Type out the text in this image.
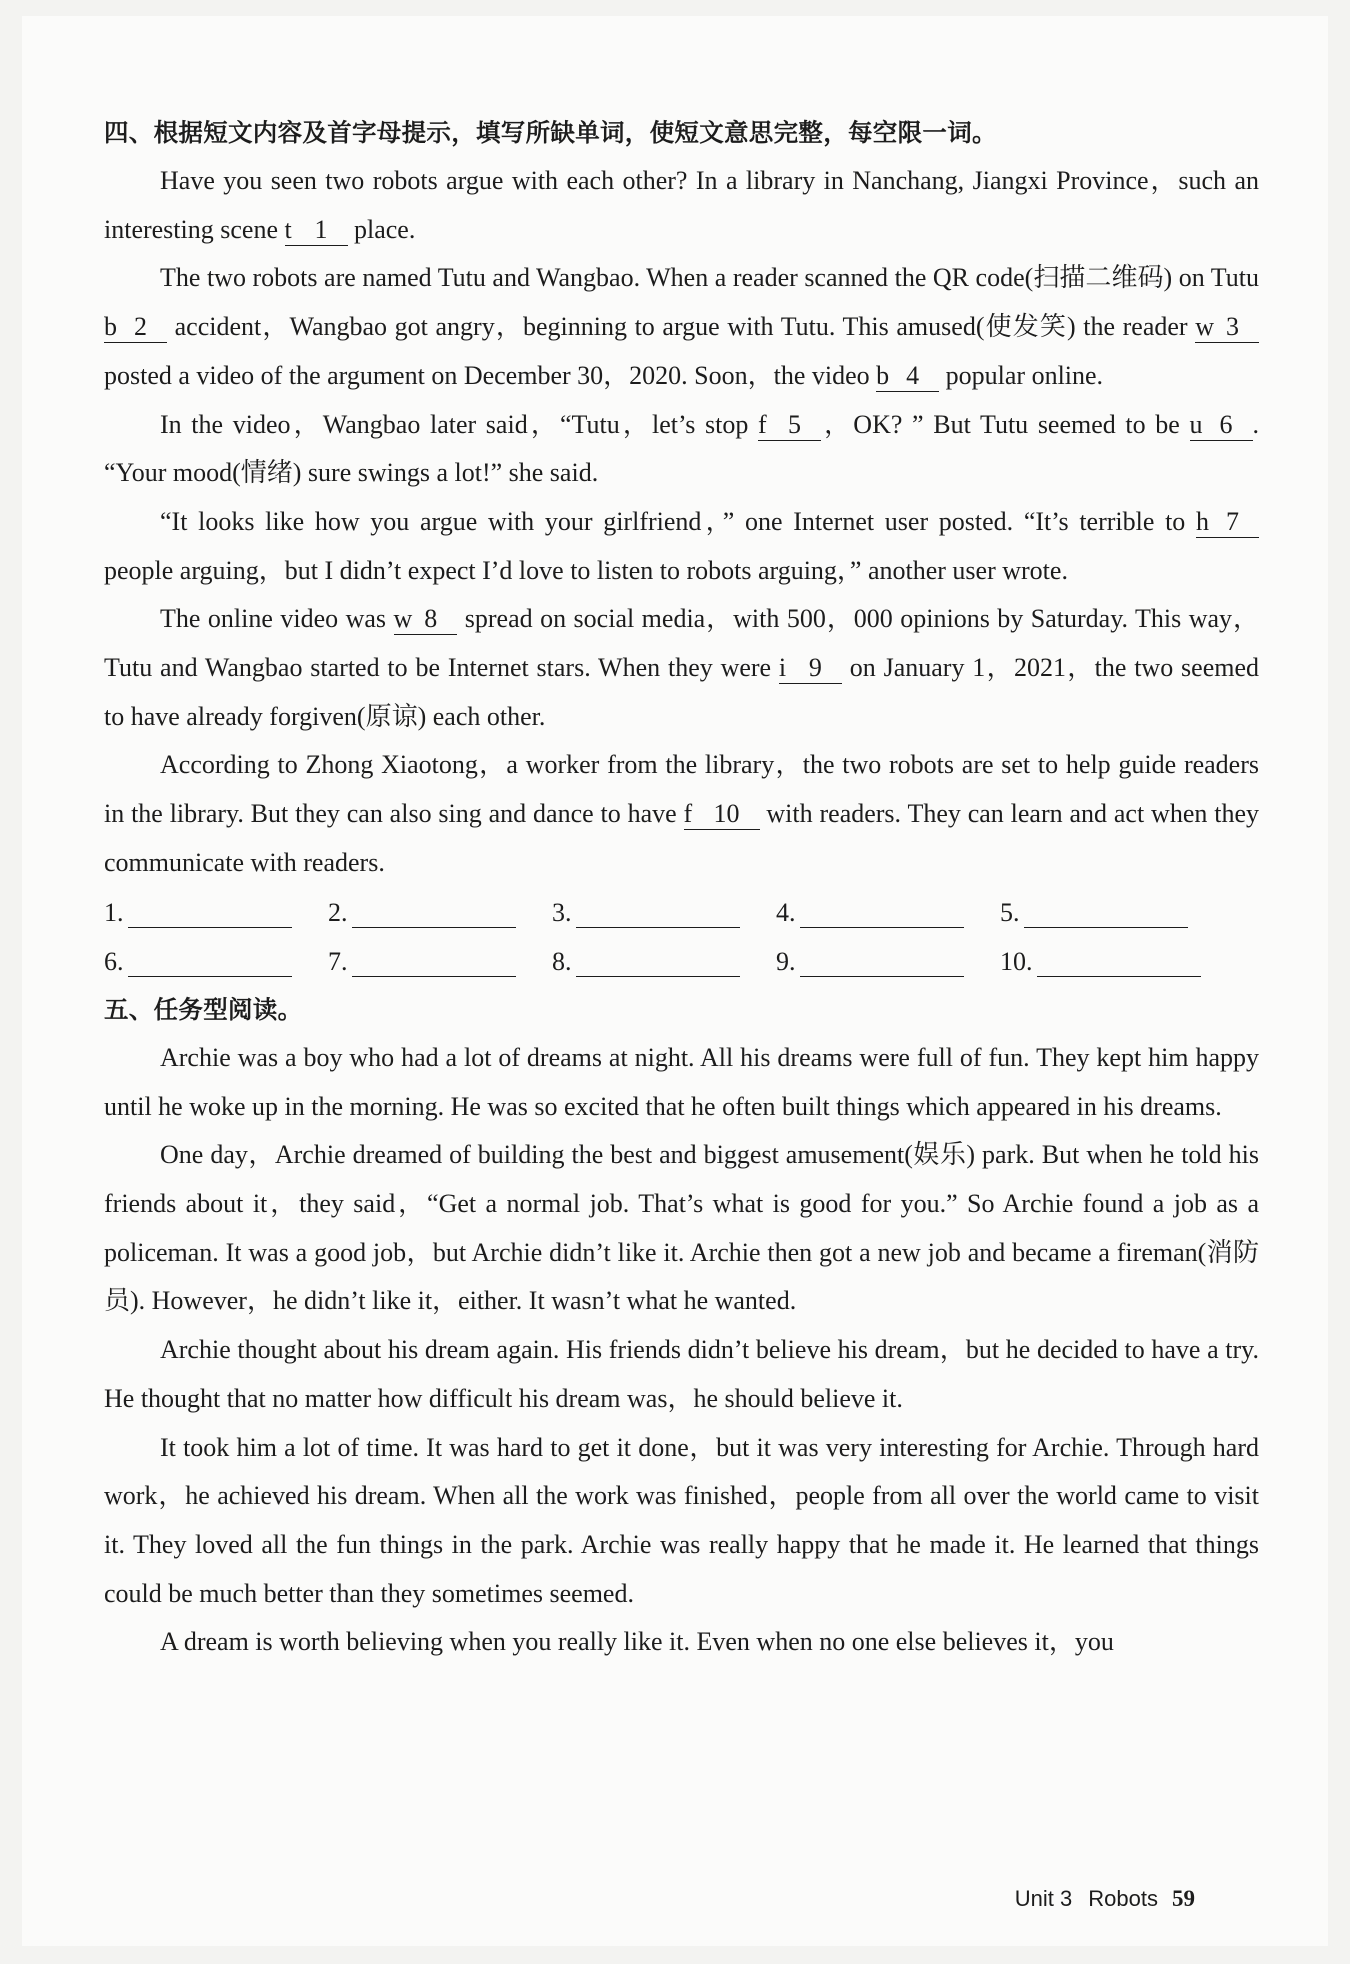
四、根据短文内容及首字母提示，填写所缺单词，使短文意思完整，每空限一词。
Have you seen two robots argue with each other? In a library in Nanchang, Jiangxi Province，such an interesting scene t 1 place.
The two robots are named Tutu and Wangbao. When a reader scanned the QR code(扫描二维码) on Tutu b 2 accident，Wangbao got angry，beginning to argue with Tutu. This amused(使发笑) the reader w 3 posted a video of the argument on December 30，2020. Soon，the video b 4 popular online.
In the video，Wangbao later said，“Tutu，let’s stop f 5 ，OK? ” But Tutu seemed to be u 6 . “Your mood(情绪) sure swings a lot!” she said.
“It looks like how you argue with your girlfriend，” one Internet user posted. “It’s terrible to h 7 people arguing，but I didn’t expect I’d love to listen to robots arguing，” another user wrote.
The online video was w 8 spread on social media，with 500，000 opinions by Saturday. This way，Tutu and Wangbao started to be Internet stars. When they were i 9 on January 1，2021，the two seemed to have already forgiven(原谅) each other.
According to Zhong Xiaotong，a worker from the library，the two robots are set to help guide readers in the library. But they can also sing and dance to have f 10 with readers. They can learn and act when they communicate with readers.
1.	2.	3.	4.	5.
6.	7.	8.	9.	10.
五、任务型阅读。
Archie was a boy who had a lot of dreams at night. All his dreams were full of fun. They kept him happy until he woke up in the morning. He was so excited that he often built things which appeared in his dreams.
One day，Archie dreamed of building the best and biggest amusement(娱乐) park. But when he told his friends about it，they said，“Get a normal job. That’s what is good for you.” So Archie found a job as a policeman. It was a good job，but Archie didn’t like it. Archie then got a new job and became a fireman(消防员). However，he didn’t like it，either. It wasn’t what he wanted.
Archie thought about his dream again. His friends didn’t believe his dream，but he decided to have a try. He thought that no matter how difficult his dream was，he should believe it.
It took him a lot of time. It was hard to get it done，but it was very interesting for Archie. Through hard work，he achieved his dream. When all the work was finished，people from all over the world came to visit it. They loved all the fun things in the park. Archie was really happy that he made it. He learned that things could be much better than they sometimes seemed.
A dream is worth believing when you really like it. Even when no one else believes it，you
Unit 3 Robots 59
